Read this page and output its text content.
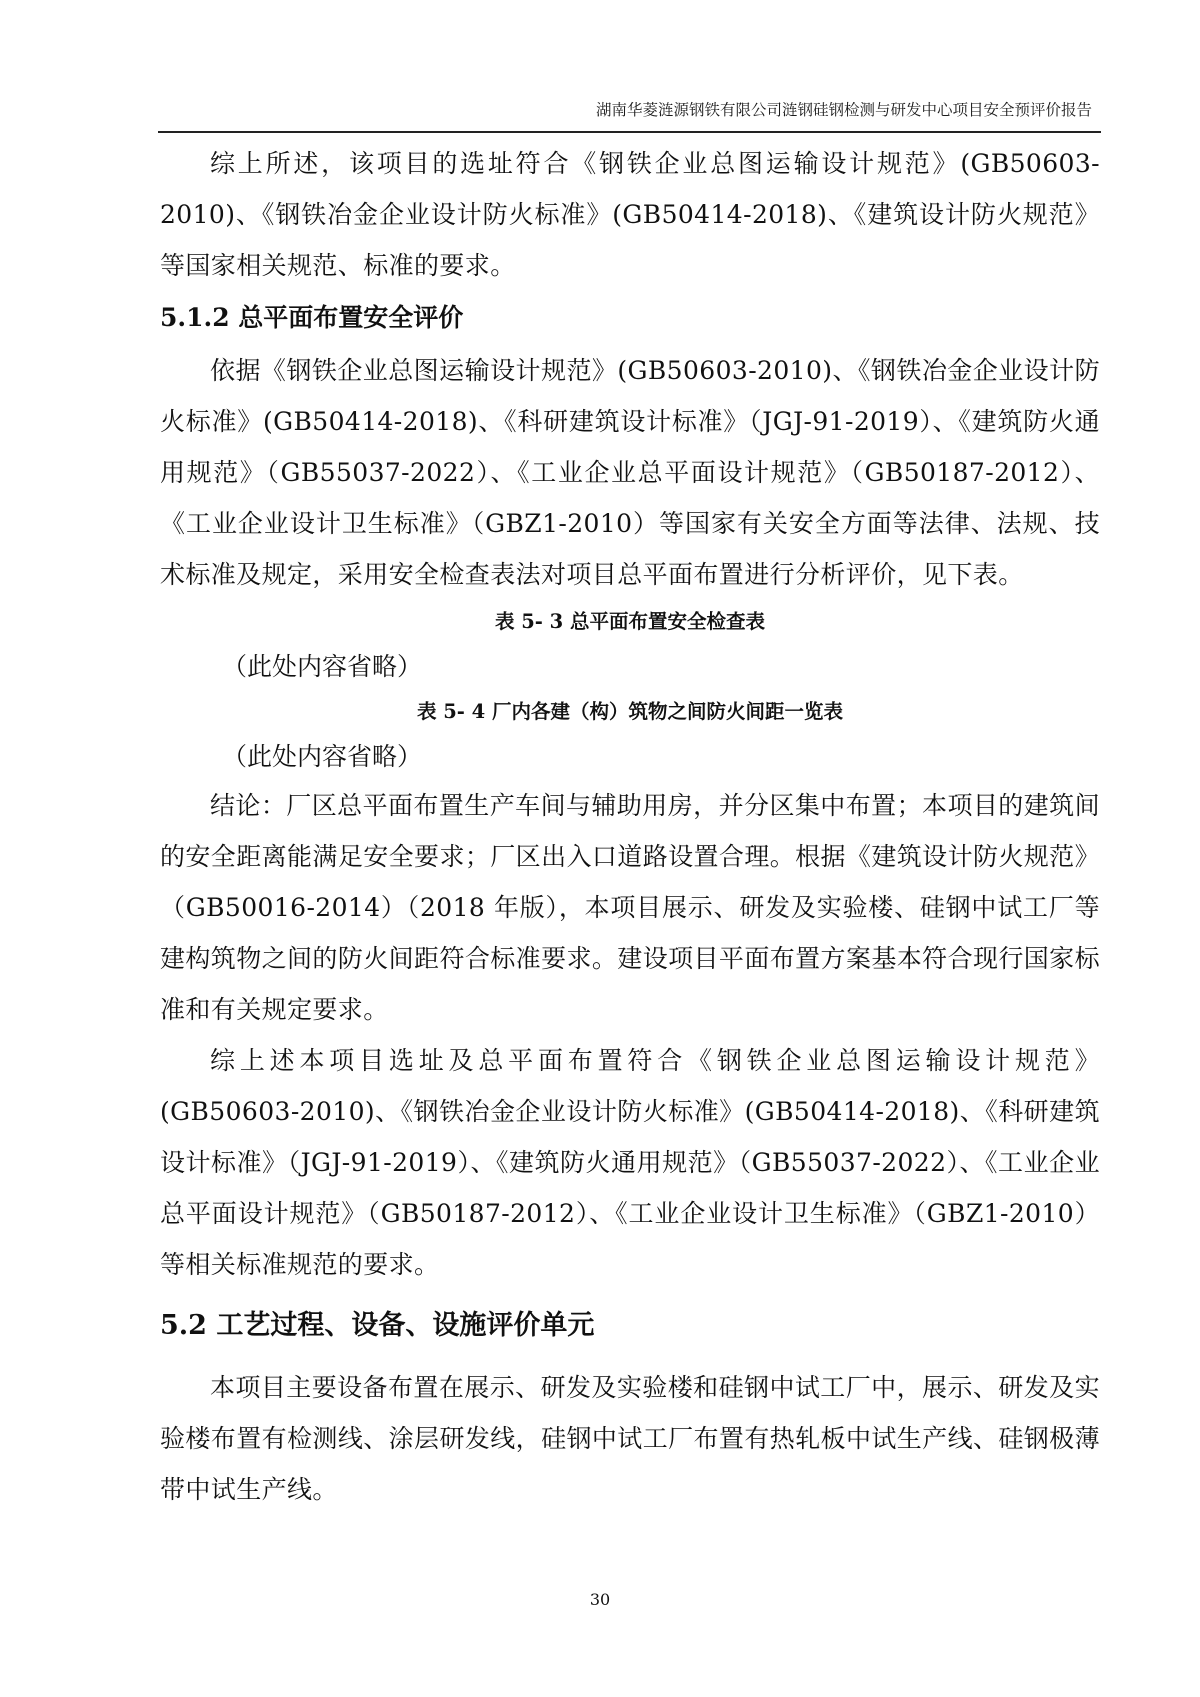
湖南华菱涟源钢铁有限公司涟钢硅钢检测与研发中心项目安全预评价报告

综上所述，该项目的选址符合《钢铁企业总图运输设计规范》(GB50603-2010)、《钢铁冶金企业设计防火标准》(GB50414-2018)、《建筑设计防火规范》等国家相关规范、标准的要求。

5.1.2 总平面布置安全评价

依据《钢铁企业总图运输设计规范》(GB50603-2010)、《钢铁冶金企业设计防火标准》(GB50414-2018)、《科研建筑设计标准》（JGJ-91-2019）、《建筑防火通用规范》（GB55037-2022）、《工业企业总平面设计规范》（GB50187-2012）、《工业企业设计卫生标准》（GBZ1-2010）等国家有关安全方面等法律、法规、技术标准及规定，采用安全检查表法对项目总平面布置进行分析评价，见下表。

表 5- 3 总平面布置安全检查表

（此处内容省略）

表 5- 4 厂内各建（构）筑物之间防火间距一览表

（此处内容省略）

结论：厂区总平面布置生产车间与辅助用房，并分区集中布置；本项目的建筑间的安全距离能满足安全要求；厂区出入口道路设置合理。根据《建筑设计防火规范》（GB50016-2014）（2018 年版），本项目展示、研发及实验楼、硅钢中试工厂等建构筑物之间的防火间距符合标准要求。建设项目平面布置方案基本符合现行国家标准和有关规定要求。

综上述本项目选址及总平面布置符合《钢铁企业总图运输设计规范》(GB50603-2010)、《钢铁冶金企业设计防火标准》(GB50414-2018)、《科研建筑设计标准》（JGJ-91-2019）、《建筑防火通用规范》（GB55037-2022）、《工业企业总平面设计规范》（GB50187-2012）、《工业企业设计卫生标准》（GBZ1-2010）等相关标准规范的要求。

5.2 工艺过程、设备、设施评价单元

本项目主要设备布置在展示、研发及实验楼和硅钢中试工厂中，展示、研发及实验楼布置有检测线、涂层研发线，硅钢中试工厂布置有热轧板中试生产线、硅钢极薄带中试生产线。

30
